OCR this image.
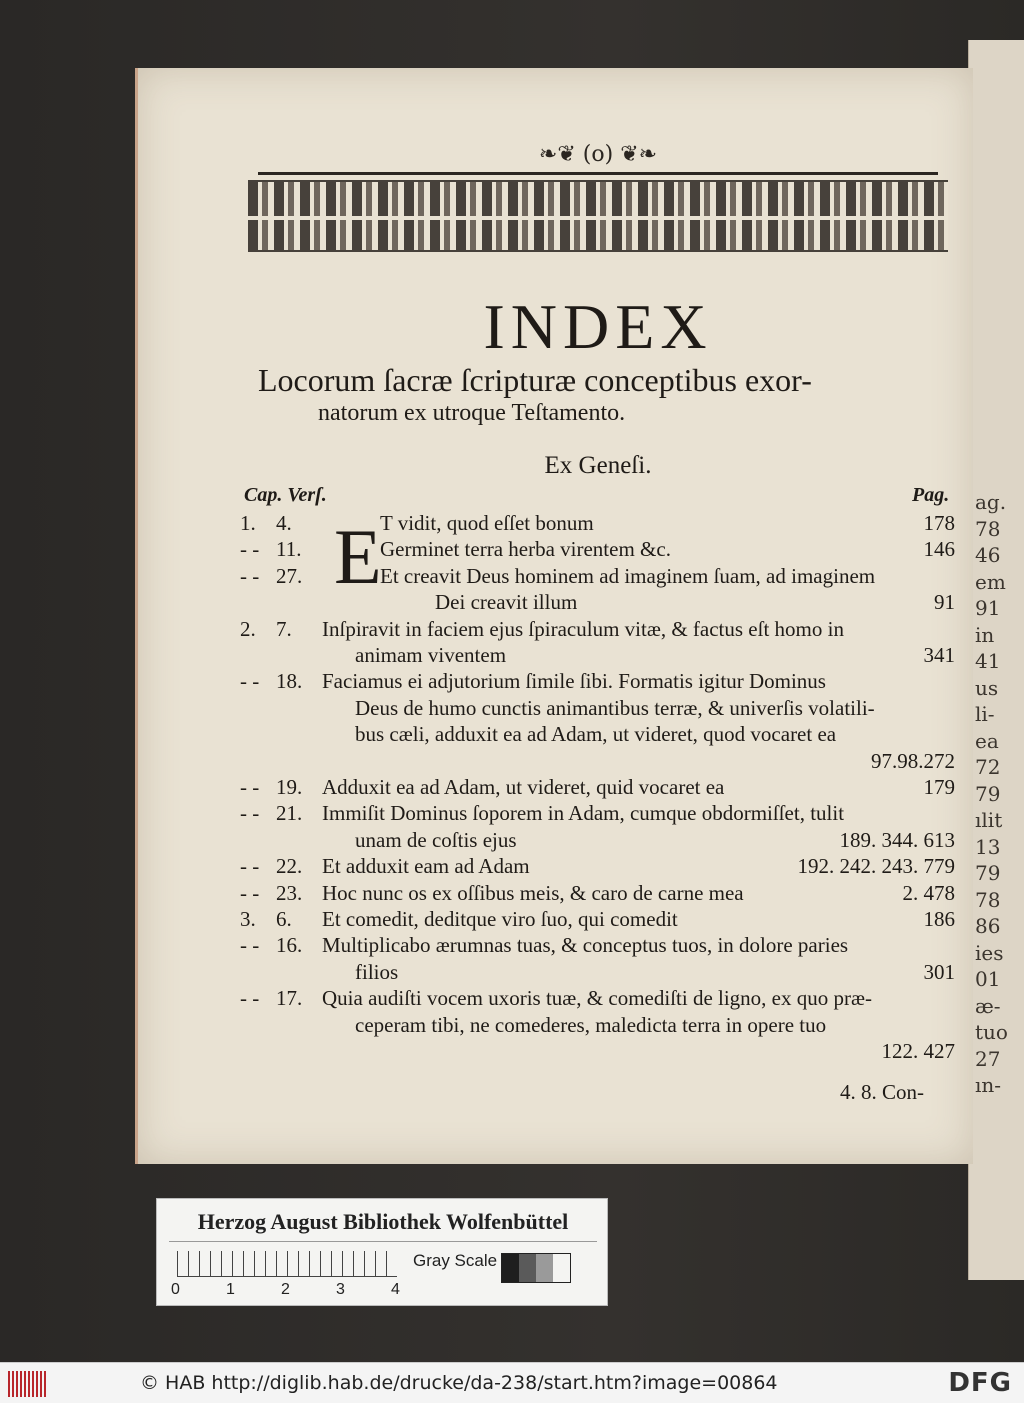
ag.
78
46
em
91
in
41
us
li-
ea
72
79
ılit
13
79
78
86
ies
01
æ-
tuo
27
ın-
❧❦ (o) ❦❧
INDEX
Locorum ſacræ ſcripturæ conceptibus exor-
natorum ex utroque Teſtamento.
Ex Geneſi.
Cap. Verſ.	Pag.
E
1. 4.	T vidit, quod eſſet bonum	178
- - 11.	Germinet terra herba virentem &c.	146
- - 27.	Et creavit Deus hominem ad imaginem ſuam, ad imaginem
Dei creavit illum	91
2. 7.	Inſpiravit in faciem ejus ſpiraculum vitæ, & factus eſt homo in
animam viventem	341
- - 18. Faciamus ei adjutorium ſimile ſibi. Formatis igitur Dominus
Deus de humo cunctis animantibus terræ, & univerſis volatili-
bus cæli, adduxit ea ad Adam, ut videret, quod vocaret ea
97.98.272
- - 19. Adduxit ea ad Adam, ut videret, quid vocaret ea	179
- - 21. Immiſit Dominus ſoporem in Adam, cumque obdormiſſet, tulit
unam de coſtis ejus	189. 344. 613
- - 22. Et adduxit eam ad Adam	192. 242. 243. 779
- - 23. Hoc nunc os ex oſſibus meis, & caro de carne mea	2. 478
3. 6.	Et comedit, deditque viro ſuo, qui comedit	186
- - 16. Multiplicabo ærumnas tuas, & conceptus tuos, in dolore paries
filios	301
- - 17. Quia audiſti vocem uxoris tuæ, & comediſti de ligno, ex quo præ-
ceperam tibi, ne comederes, maledicta terra in opere tuo
122. 427
4. 8. Con-
Herzog August Bibliothek Wolfenbüttel
0	1	2	3	4
Gray Scale
© HAB http://diglib.hab.de/drucke/da-238/start.htm?image=00864	DFG
